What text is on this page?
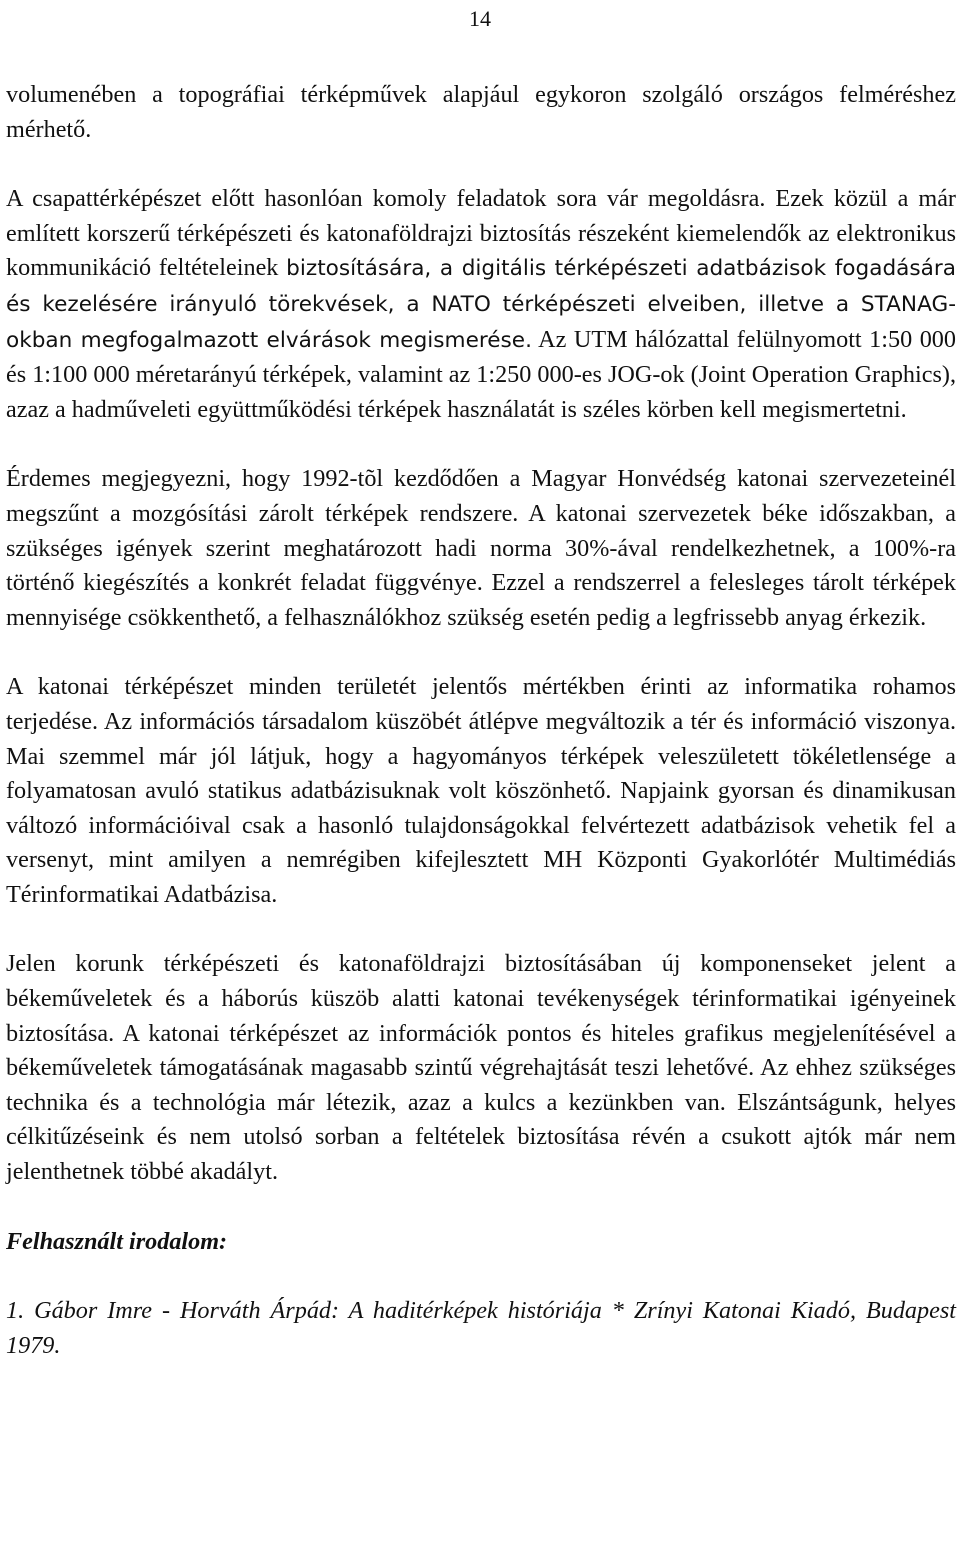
14

volumenében a topográfiai térképművek alapjául egykoron szolgáló országos felméréshez mérhető.

A csapattérképészet előtt hasonlóan komoly feladatok sora vár megoldásra. Ezek közül a már említett korszerű térképészeti és katonaföldrajzi biztosítás részeként kiemelendők az elektronikus kommunikáció feltételeinek biztosítására, a digitális térképészeti adatbázisok fogadására és kezelésére irányuló törekvések, a NATO térképészeti elveiben, illetve a STANAG-okban megfogalmazott elvárások megismerése. Az UTM hálózattal felülnyomott 1:50 000 és 1:100 000 méretarányú térképek, valamint az 1:250 000-es JOG-ok (Joint Operation Graphics), azaz a hadműveleti együttműködési térképek használatát is széles körben kell megismertetni.

Érdemes megjegyezni, hogy 1992-tõl kezdődően a Magyar Honvédség katonai szervezeteinél megszűnt a mozgósítási zárolt térképek rendszere. A katonai szervezetek béke időszakban, a szükséges igények szerint meghatározott hadi norma 30%-ával rendelkezhetnek, a 100%-ra történő kiegészítés a konkrét feladat függvénye. Ezzel a rendszerrel a felesleges tárolt térképek mennyisége csökkenthető, a felhasználókhoz szükség esetén pedig a legfrissebb anyag érkezik.

A katonai térképészet minden területét jelentős mértékben érinti az informatika rohamos terjedése. Az információs társadalom küszöbét átlépve megváltozik a tér és információ viszonya. Mai szemmel már jól látjuk, hogy a hagyományos térképek veleszületett tökéletlensége a folyamatosan avuló statikus adatbázisuknak volt köszönhető. Napjaink gyorsan és dinamikusan változó információival csak a hasonló tulajdonságokkal felvértezett adatbázisok vehetik fel a versenyt, mint amilyen a nemrégiben kifejlesztett MH Központi Gyakorlótér Multimédiás Térinformatikai Adatbázisa.

Jelen korunk térképészeti és katonaföldrajzi biztosításában új komponenseket jelent a békeműveletek és a háborús küszöb alatti katonai tevékenységek térinformatikai igényeinek biztosítása. A katonai térképészet az információk pontos és hiteles grafikus megjelenítésével a békeműveletek támogatásának magasabb szintű végrehajtását teszi lehetővé. Az ehhez szükséges technika és a technológia már létezik, azaz a kulcs a kezünkben van. Elszántságunk, helyes célkitűzéseink és nem utolsó sorban a feltételek biztosítása révén a csukott ajtók már nem jelenthetnek többé akadályt.

Felhasznált irodalom:

1. Gábor Imre - Horváth Árpád: A haditérképek históriája * Zrínyi Katonai Kiadó, Budapest 1979.
